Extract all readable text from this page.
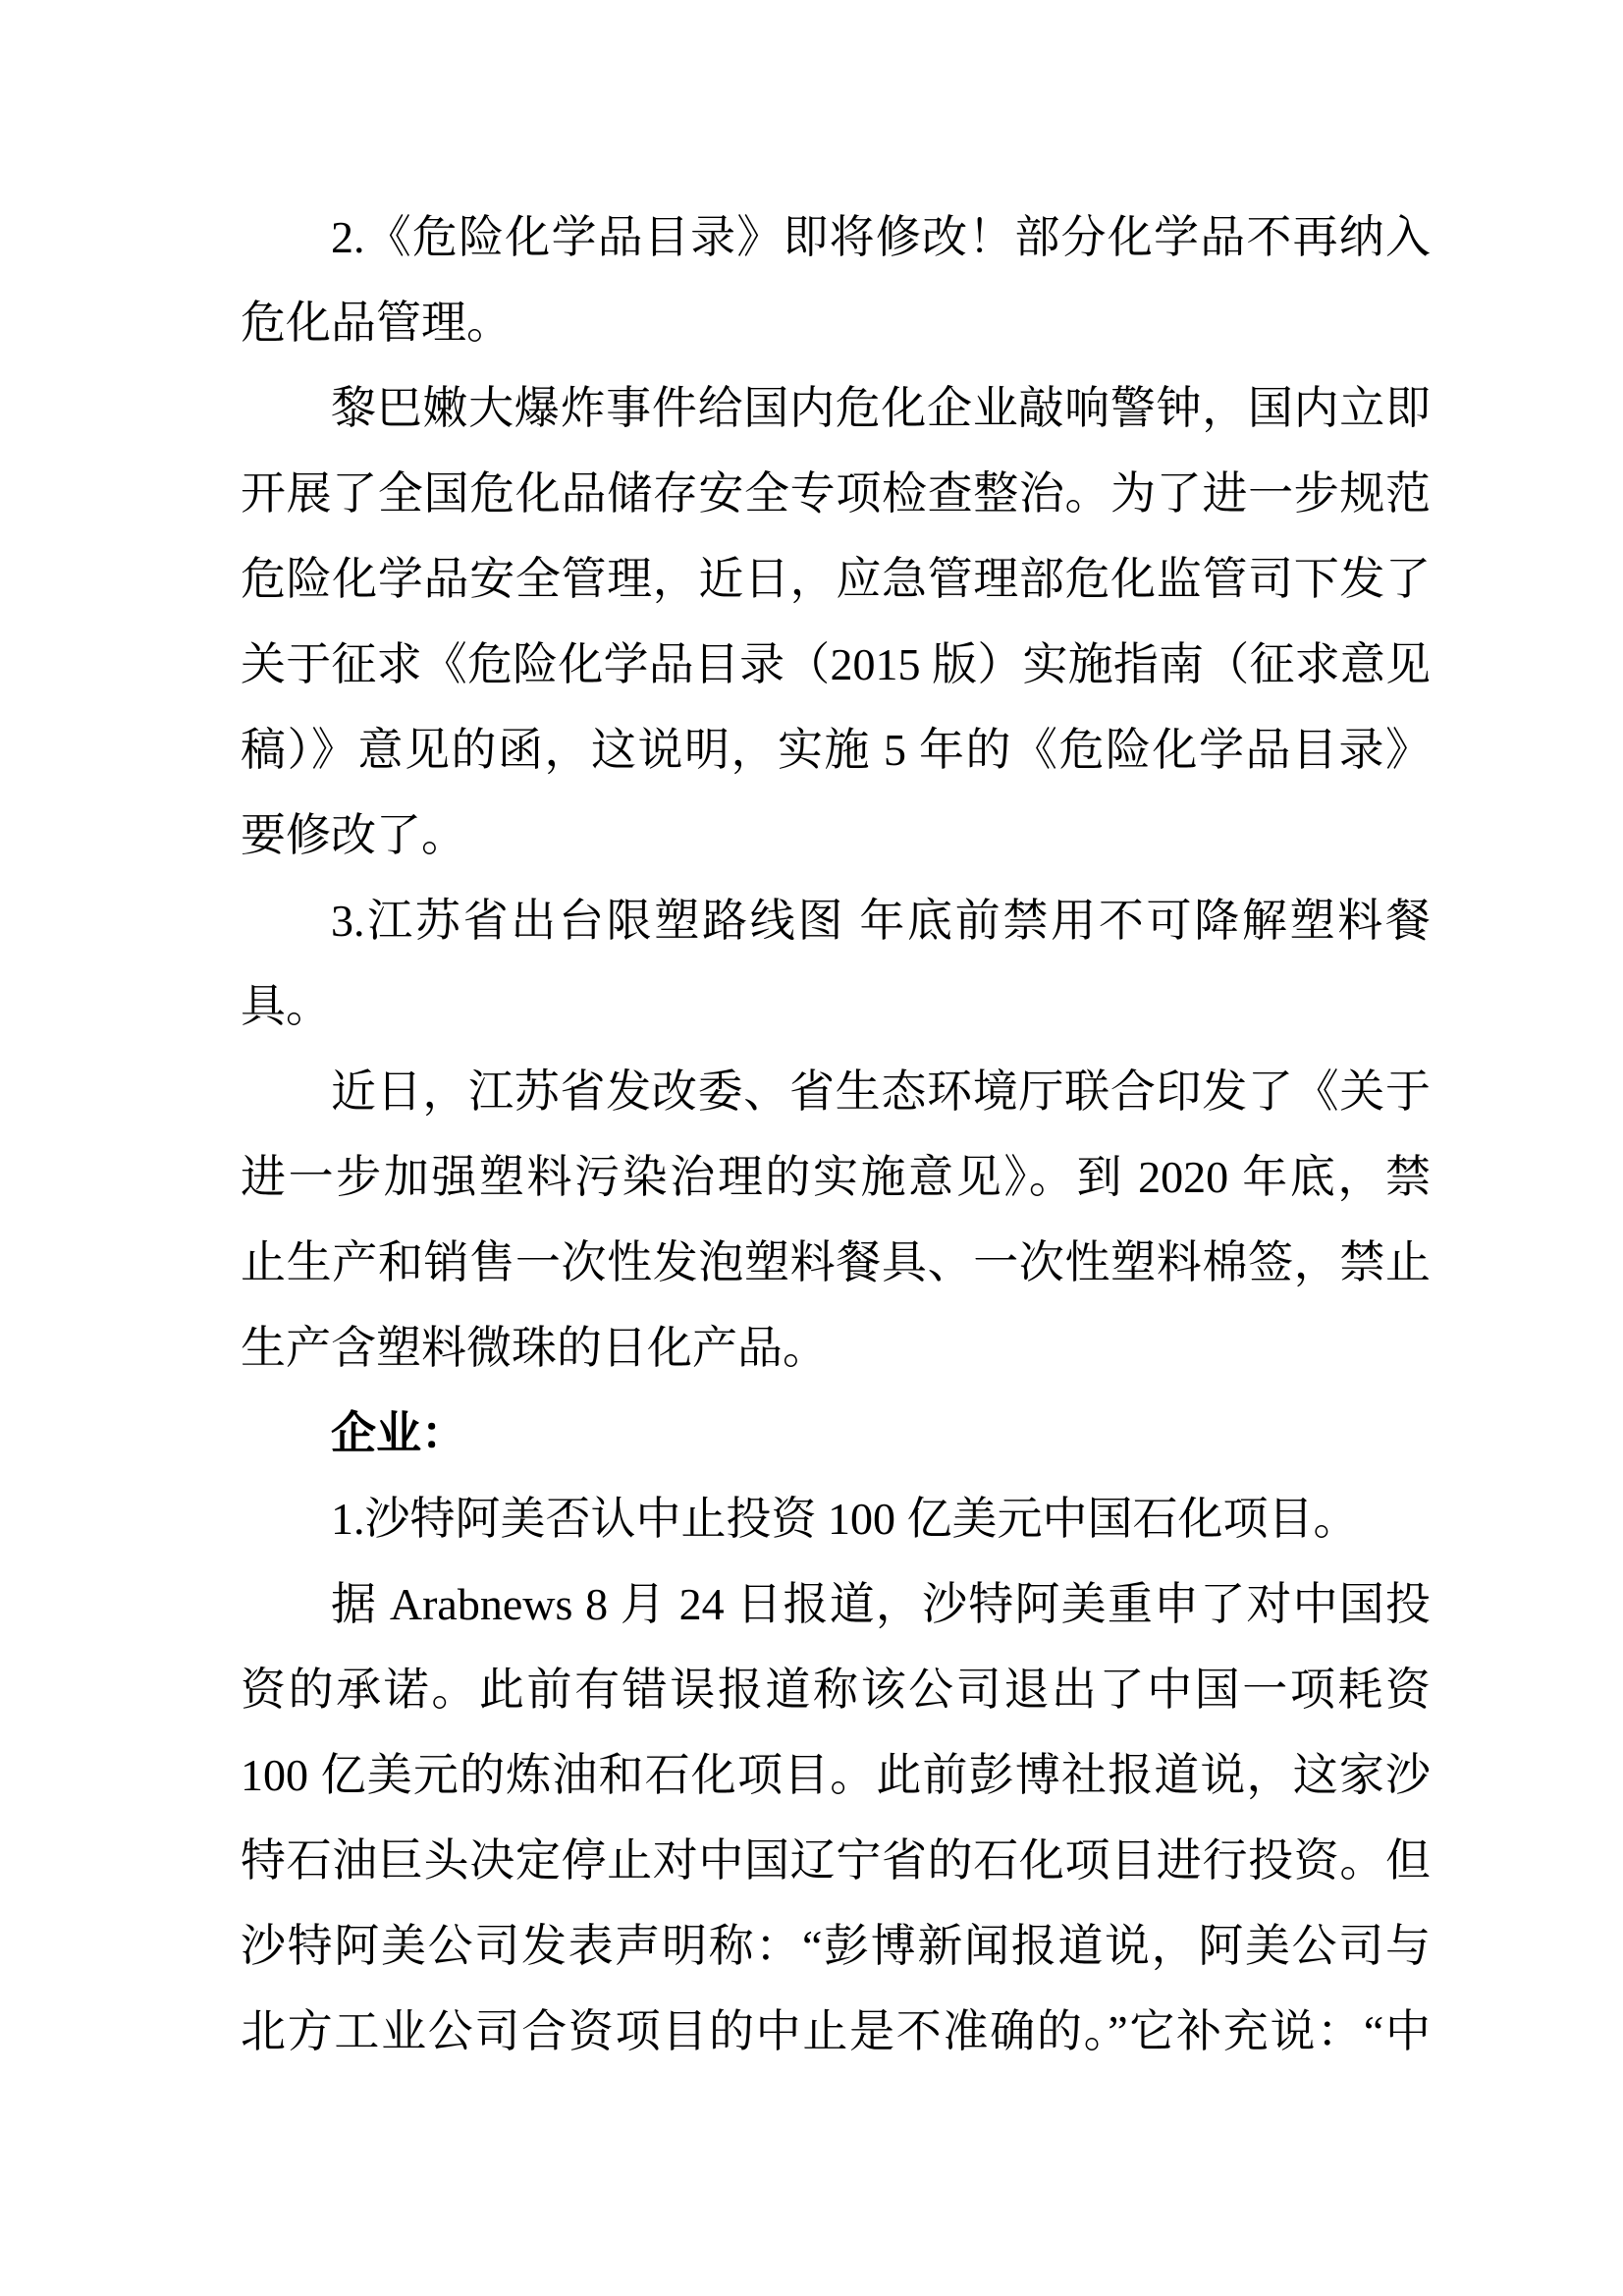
2.《危险化学品目录》即将修改！部分化学品不再纳入
危化品管理。
黎巴嫩大爆炸事件给国内危化企业敲响警钟，国内立即
开展了全国危化品储存安全专项检查整治。为了进一步规范
危险化学品安全管理，近日，应急管理部危化监管司下发了
关于征求《危险化学品目录（2015 版）实施指南（征求意见
稿）》意见的函，这说明，实施 5 年的《危险化学品目录》
要修改了。
3.江苏省出台限塑路线图 年底前禁用不可降解塑料餐
具。
近日，江苏省发改委、省生态环境厅联合印发了《关于
进一步加强塑料污染治理的实施意见》。到 2020 年底，禁
止生产和销售一次性发泡塑料餐具、一次性塑料棉签，禁止
生产含塑料微珠的日化产品。
企业：
1.沙特阿美否认中止投资 100 亿美元中国石化项目。
据 Arabnews 8 月 24 日报道，沙特阿美重申了对中国投
资的承诺。此前有错误报道称该公司退出了中国一项耗资
100 亿美元的炼油和石化项目。此前彭博社报道说，这家沙
特石油巨头决定停止对中国辽宁省的石化项目进行投资。但
沙特阿美公司发表声明称：“彭博新闻报道说，阿美公司与
北方工业公司合资项目的中止是不准确的。”它补充说：“中
